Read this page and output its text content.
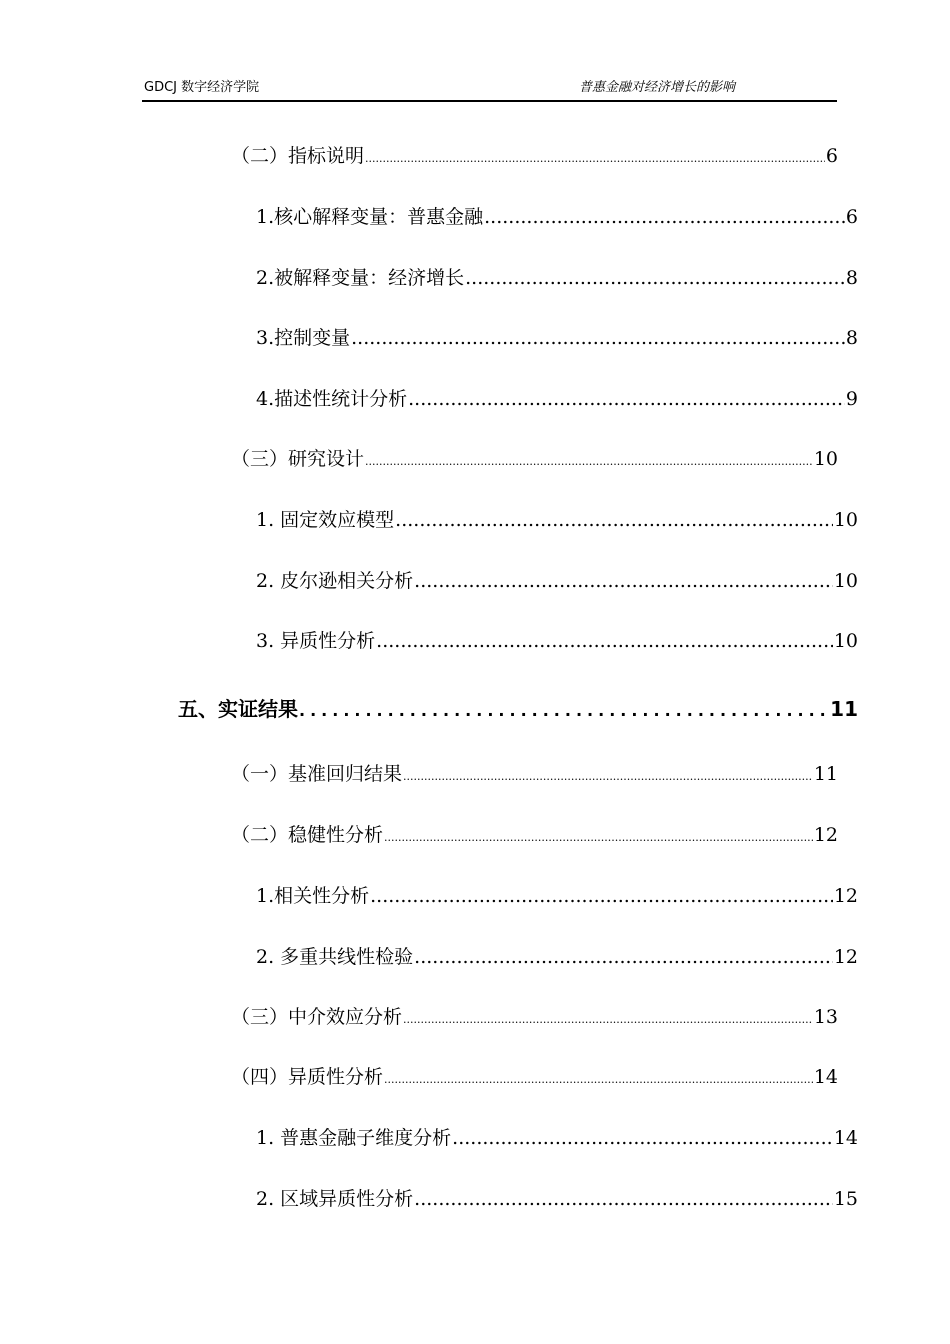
GDCJ 数字经济学院	普惠金融对经济增长的影响
（二）指标说明 .....	6
1.核心解释变量：普惠金融 .....	6
2.被解释变量：经济增长 .....	8
3.控制变量 .....	8
4.描述性统计分析 .....	9
（三）研究设计 .....	10
1. 固定效应模型 .....	10
2. 皮尔逊相关分析 .....	10
3. 异质性分析 .....	10
五、实证结果 .....	11
（一）基准回归结果 .....	11
（二）稳健性分析 .....	12
1.相关性分析 .....	12
2. 多重共线性检验 .....	12
（三）中介效应分析 .....	13
（四）异质性分析 .....	14
1. 普惠金融子维度分析 .....	14
2. 区域异质性分析 .....	15
